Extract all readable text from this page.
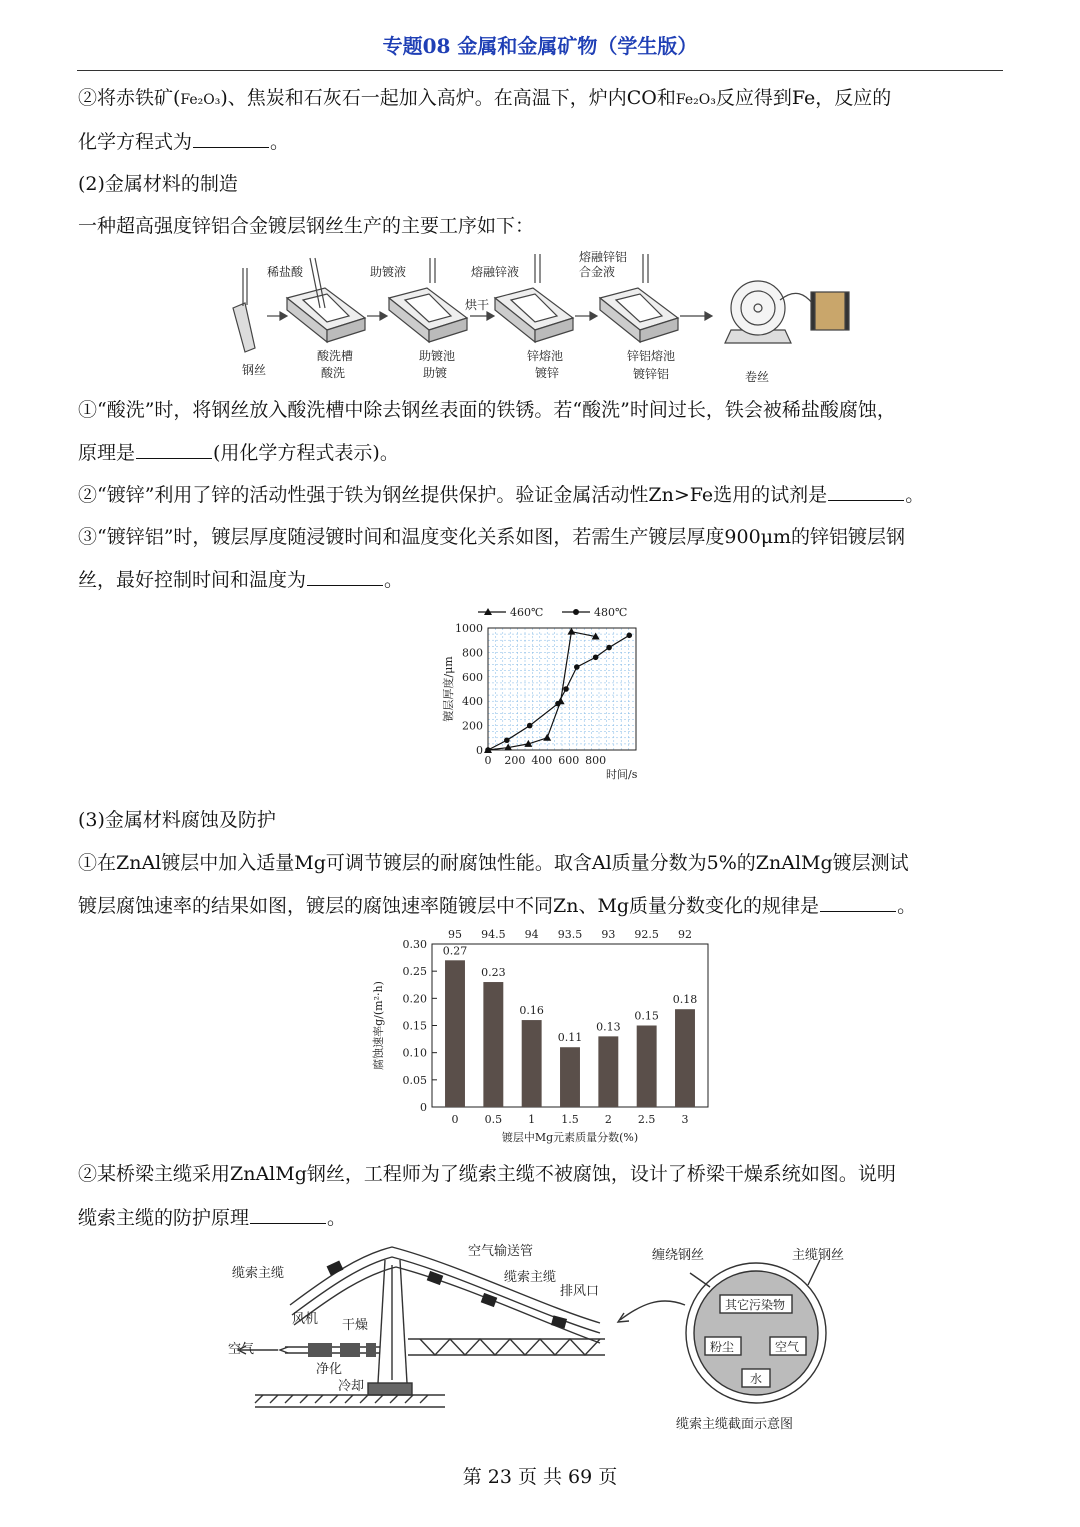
专题08 金属和金属矿物（学生版）
②将赤铁矿(Fe₂O₃)、焦炭和石灰石一起加入高炉。在高温下，炉内CO和Fe₂O₃反应得到Fe，反应的
化学方程式为	。
(2)金属材料的制造
一种超高强度锌铝合金镀层钢丝生产的主要工序如下：
钢丝
稀盐酸
酸洗槽
酸洗
助镀液
助镀池
助镀
烘干
熔融锌液
锌熔池
镀锌
熔融锌铝
合金液
锌铝熔池
镀锌铝	卷丝
①“酸洗”时，将钢丝放入酸洗槽中除去钢丝表面的铁锈。若“酸洗”时间过长，铁会被稀盐酸腐蚀，
原理是	(用化学方程式表示)。
②“镀锌”利用了锌的活动性强于铁为钢丝提供保护。验证金属活动性Zn>Fe选用的试剂是	。
③“镀锌铝”时，镀层厚度随浸镀时间和温度变化关系如图，若需生产镀层厚度900μm的锌铝镀层钢
丝，最好控制时间和温度为	。
0
200
400
600
800
1000
0 200 400 600 800
时间/s
镀层厚度/μm
460℃	480℃
(3)金属材料腐蚀及防护
①在ZnAl镀层中加入适量Mg可调节镀层的耐腐蚀性能。取含Al质量分数为5%的ZnAlMg镀层测试
镀层腐蚀速率的结果如图，镀层的腐蚀速率随镀层中不同Zn、Mg质量分数变化的规律是	。
0
0.05
0.10
0.15
0.20
0.25
0.30 0.27
0
95
0.23
0.5
94.5
0.16
1
94
0.11
1.5
93.5
0.13
2
93
0.15
2.5
92.5
0.18
3
92
镀层中Mg元素质量分数(%)
腐蚀速率g/(m²·h)
②某桥梁主缆采用ZnAlMg钢丝，工程师为了缆索主缆不被腐蚀，设计了桥梁干燥系统如图。说明
缆索主缆的防护原理	。
缆索主缆
空气输送管
缆索主缆
排风口
风机 干燥
空气
净化
冷却
缠绕钢丝	主缆钢丝
其它污染物
粉尘	空气
水
缆索主缆截面示意图
第 23 页 共 69 页
